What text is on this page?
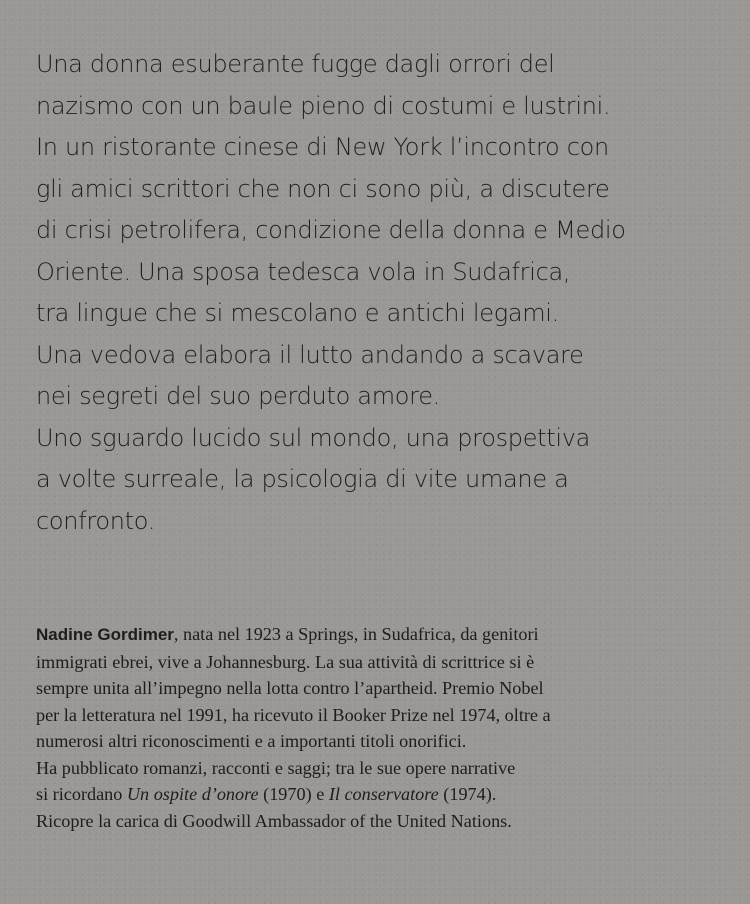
Una donna esuberante fugge dagli orrori del
nazismo con un baule pieno di costumi e lustrini.
In un ristorante cinese di New York l’incontro con
gli amici scrittori che non ci sono più, a discutere
di crisi petrolifera, condizione della donna e Medio
Oriente. Una sposa tedesca vola in Sudafrica,
tra lingue che si mescolano e antichi legami.
Una vedova elabora il lutto andando a scavare
nei segreti del suo perduto amore.
Uno sguardo lucido sul mondo, una prospettiva
a volte surreale, la psicologia di vite umane a
confronto.
Nadine Gordimer, nata nel 1923 a Springs, in Sudafrica, da genitori
immigrati ebrei, vive a Johannesburg. La sua attività di scrittrice si è
sempre unita all’impegno nella lotta contro l’apartheid. Premio Nobel
per la letteratura nel 1991, ha ricevuto il Booker Prize nel 1974, oltre a
numerosi altri riconoscimenti e a importanti titoli onorifici.
Ha pubblicato romanzi, racconti e saggi; tra le sue opere narrative
si ricordano Un ospite d’onore (1970) e Il conservatore (1974).
Ricopre la carica di Goodwill Ambassador of the United Nations.
